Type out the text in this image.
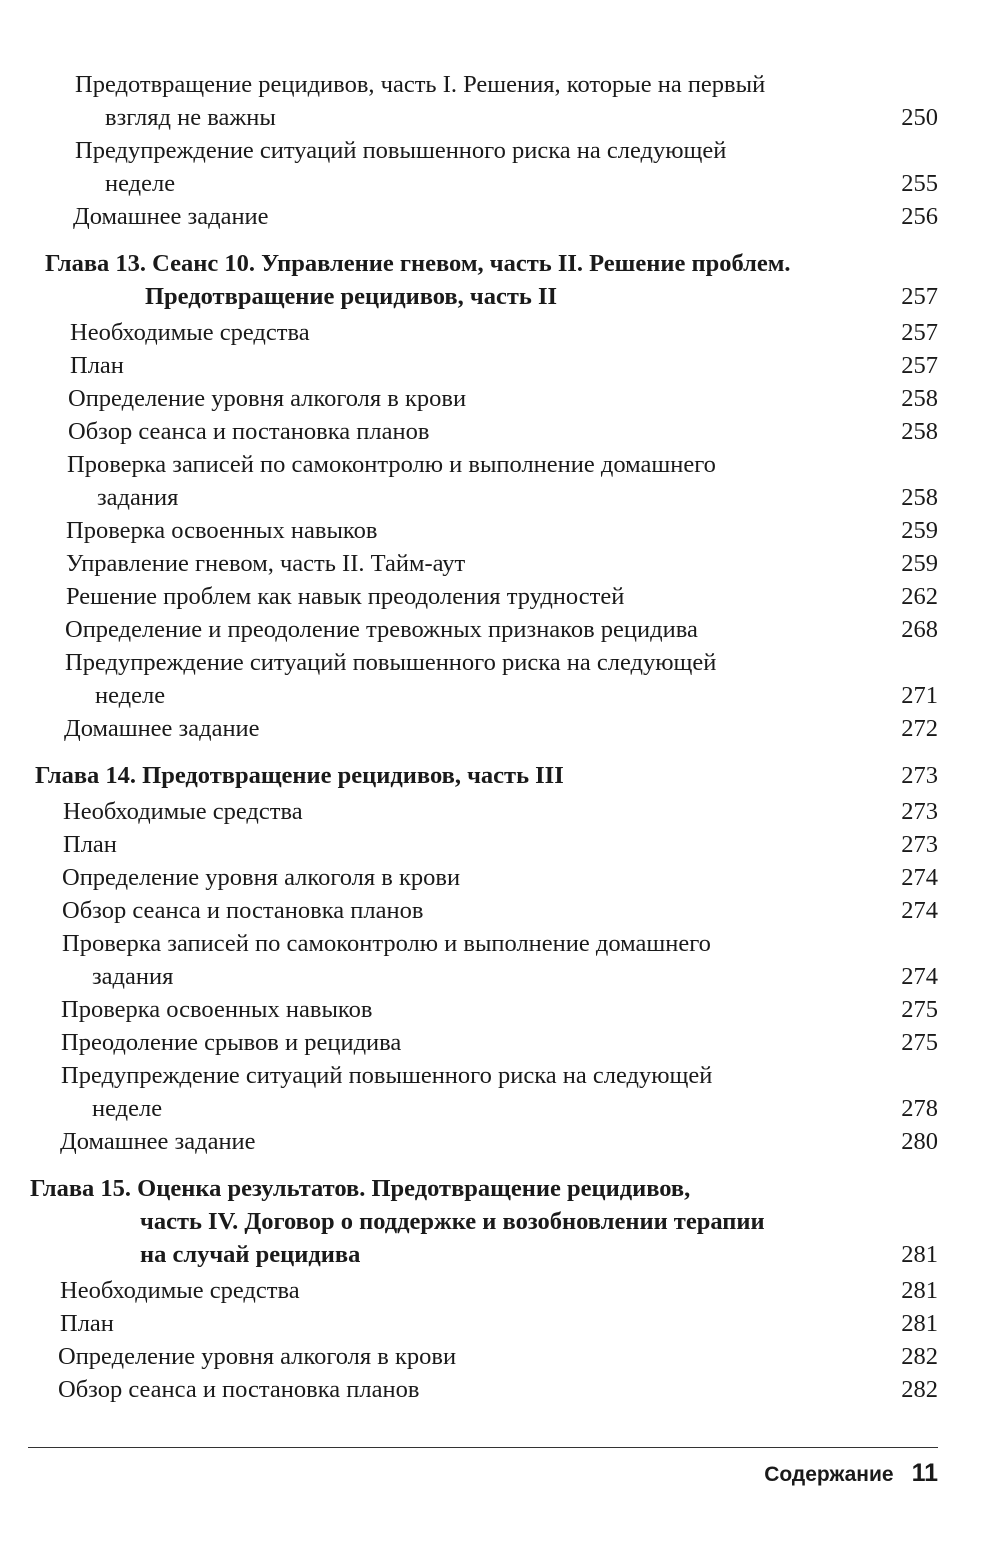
Предотвращение рецидивов, часть I. Решения, которые на первый
взгляд не важны	250
Предупреждение ситуаций повышенного риска на следующей
неделе	255
Домашнее задание	256
Глава 13. Сеанс 10. Управление гневом, часть II. Решение проблем.
Предотвращение рецидивов, часть II	257
Необходимые средства	257
План	257
Определение уровня алкоголя в крови	258
Обзор сеанса и постановка планов	258
Проверка записей по самоконтролю и выполнение домашнего
задания	258
Проверка освоенных навыков	259
Управление гневом, часть II. Тайм-аут	259
Решение проблем как навык преодоления трудностей	262
Определение и преодоление тревожных признаков рецидива	268
Предупреждение ситуаций повышенного риска на следующей
неделе	271
Домашнее задание	272
Глава 14. Предотвращение рецидивов, часть III	273
Необходимые средства	273
План	273
Определение уровня алкоголя в крови	274
Обзор сеанса и постановка планов	274
Проверка записей по самоконтролю и выполнение домашнего
задания	274
Проверка освоенных навыков	275
Преодоление срывов и рецидива	275
Предупреждение ситуаций повышенного риска на следующей
неделе	278
Домашнее задание	280
Глава 15. Оценка результатов. Предотвращение рецидивов,
часть IV. Договор о поддержке и возобновлении терапии
на случай рецидива	281
Необходимые средства	281
План	281
Определение уровня алкоголя в крови	282
Обзор сеанса и постановка планов	282
Содержание 11
